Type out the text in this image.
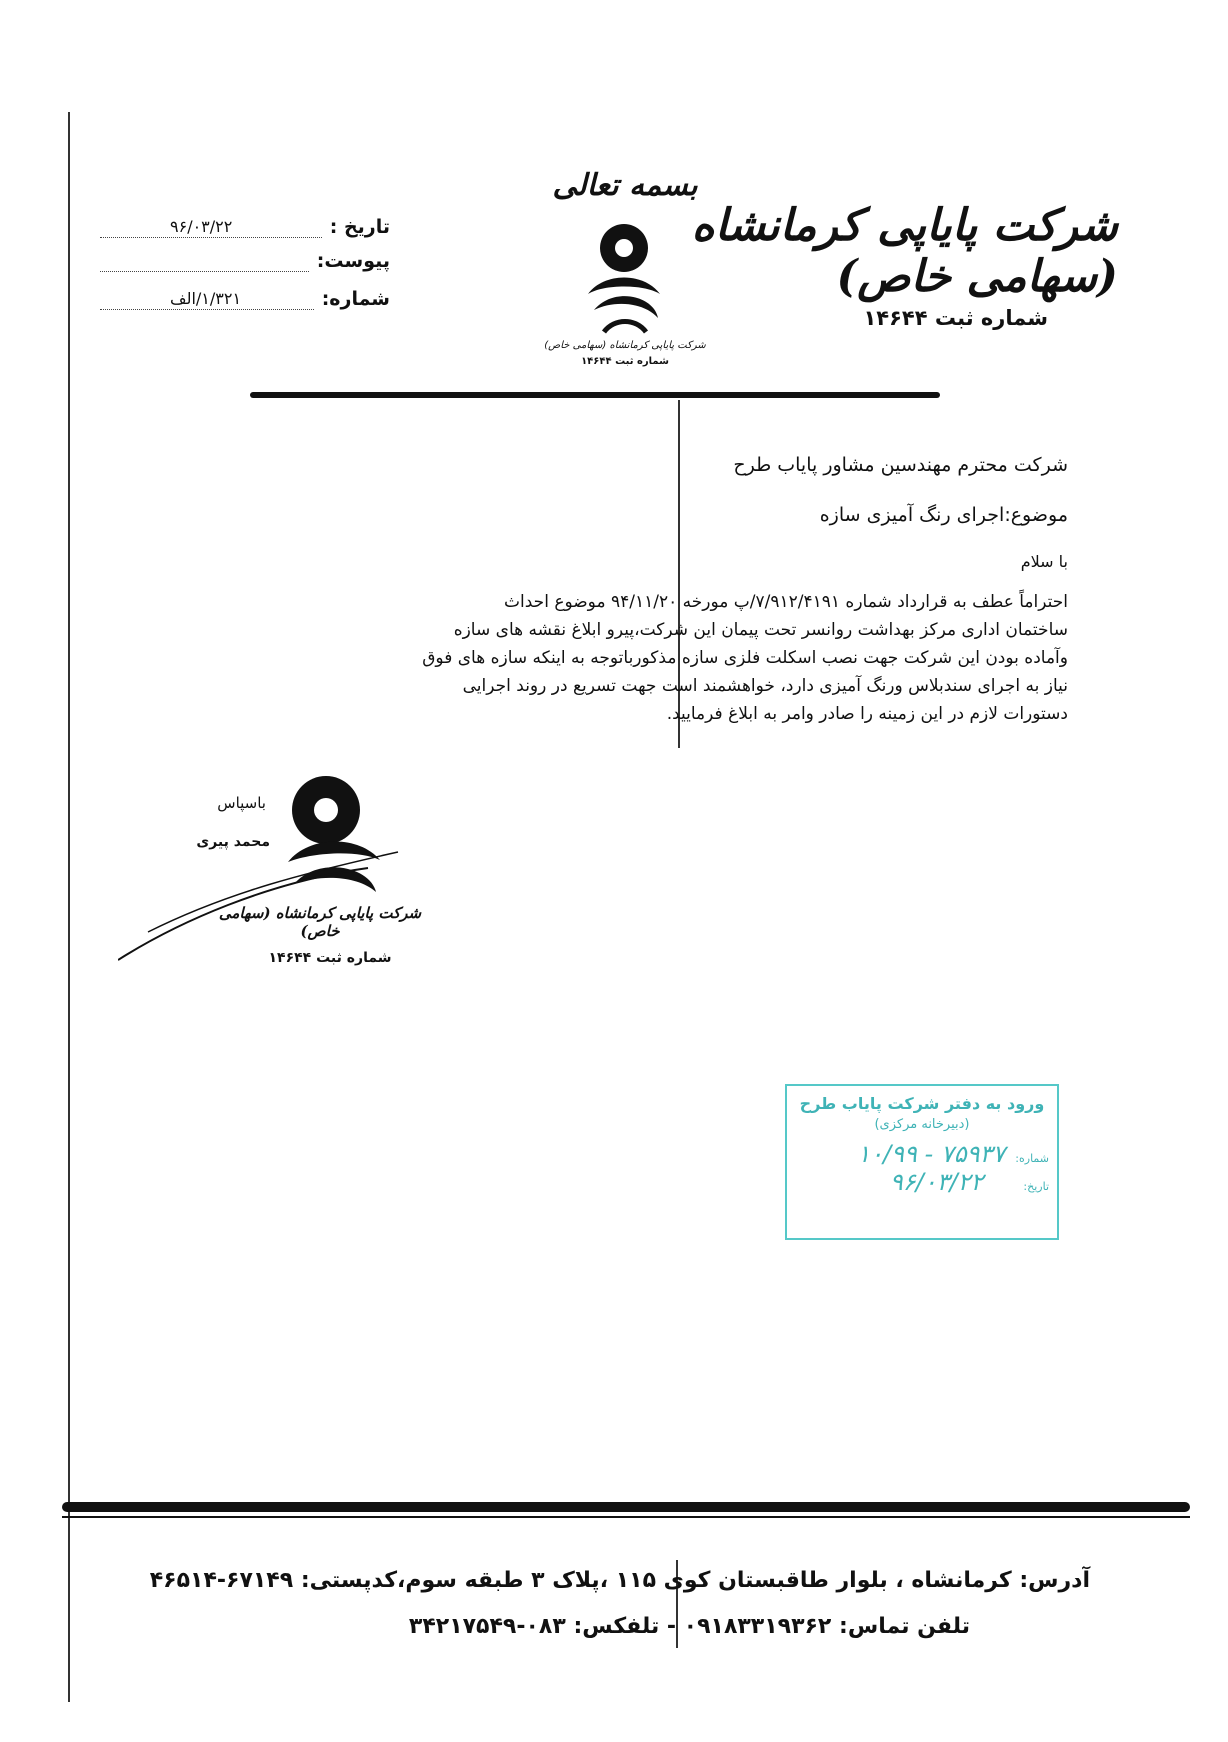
شرکت پایاپی کرمانشاه (سهامی خاص)
شماره ثبت ۱۴۶۴۴
بسمه تعالی
شرکت پایاپی کرمانشاه (سهامی خاص)
شماره ثبت ۱۴۶۴۴
تاریخ :
۹۶/۰۳/۲۲
پیوست:
شماره:
۱/۳۲۱/الف
شرکت محترم مهندسین مشاور پایاب طرح
موضوع:اجرای رنگ آمیزی سازه
با سلام

احتراماً عطف به قرارداد شماره ۷/۹۱۲/۴۱۹۱/پ مورخه ۹۴/۱۱/۲۰ موضوع احداث

ساختمان اداری مرکز بهداشت روانسر تحت پیمان این شرکت،پیرو ابلاغ نقشه های سازه

وآماده بودن این شرکت جهت نصب اسکلت فلزی سازه مذکورباتوجه به اینکه سازه های فوق

نیاز به اجرای سندبلاس ورنگ آمیزی دارد، خواهشمند است جهت تسریع در روند اجرایی

دستورات لازم در این زمینه را صادر وامر به ابلاغ فرمایید.

باسپاس
محمد پیری
شرکت پایاپی کرمانشاه (سهامی خاص)
شماره ثبت ۱۴۶۴۴
ورود به دفتر شرکت پایاب طرح
(دبیرخانه مرکزی)
شماره:
۷۵۹۳۷ - ۱۰/۹۹
تاریخ:
۹۶/۰۳/۲۲
آدرس: کرمانشاه ، بلوار طاقبستان کوی ۱۱۵ ،پلاک ۳ طبقه سوم،کدپستی: ۶۷۱۴۹-۴۶۵۱۴
تلفن تماس: ۰۹۱۸۳۳۱۹۳۶۲ - تلفکس: ۰۸۳-۳۴۲۱۷۵۴۹
